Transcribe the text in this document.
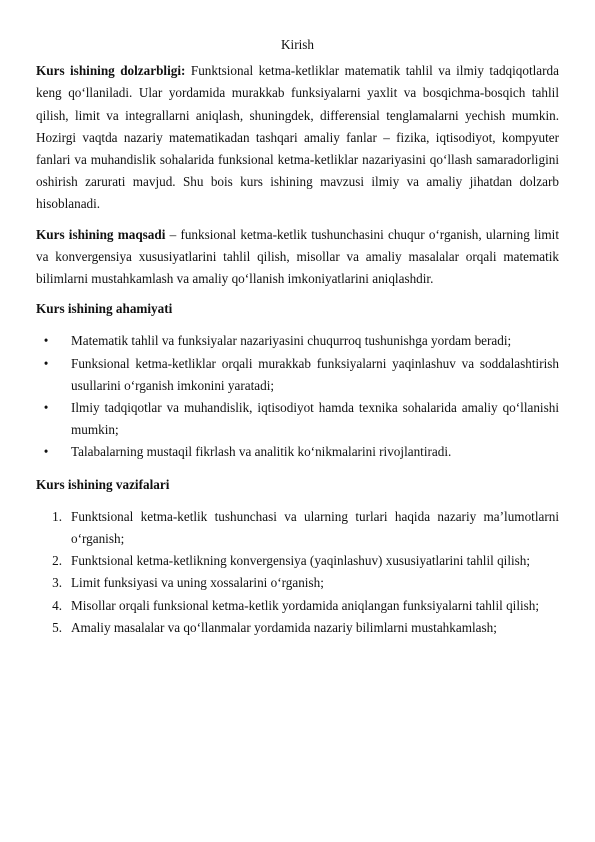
Kirish

Kurs ishining dolzarbligi: Funktsional ketma-ketliklar matematik tahlil va ilmiy tadqiqotlarda keng qo‘llaniladi. Ular yordamida murakkab funksiyalarni yaxlit va bosqichma-bosqich tahlil qilish, limit va integrallarni aniqlash, shuningdek, differensial tenglamalarni yechish mumkin. Hozirgi vaqtda nazariy matematikadan tashqari amaliy fanlar – fizika, iqtisodiyot, kompyuter fanlari va muhandislik sohalarida funksional ketma-ketliklar nazariyasini qo‘llash samaradorligini oshirish zarurati mavjud. Shu bois kurs ishining mavzusi ilmiy va amaliy jihatdan dolzarb hisoblanadi.

Kurs ishining maqsadi – funksional ketma-ketlik tushunchasini chuqur o‘rganish, ularning limit va konvergensiya xususiyatlarini tahlil qilish, misollar va amaliy masalalar orqali matematik bilimlarni mustahkamlash va amaliy qo‘llanish imkoniyatlarini aniqlashdir.

Kurs ishining ahamiyati

•	Matematik tahlil va funksiyalar nazariyasini chuqurroq tushunishga yordam beradi;
•	Funksional ketma-ketliklar orqali murakkab funksiyalarni yaqinlashuv va soddalashtirish usullarini o‘rganish imkonini yaratadi;
•	Ilmiy tadqiqotlar va muhandislik, iqtisodiyot hamda texnika sohalarida amaliy qo‘llanishi mumkin;
•	Talabalarning mustaqil fikrlash va analitik ko‘nikmalarini rivojlantiradi.

Kurs ishining vazifalari

1. Funktsional ketma-ketlik tushunchasi va ularning turlari haqida nazariy ma’lumotlarni o‘rganish;
2. Funktsional ketma-ketlikning konvergensiya (yaqinlashuv) xususiyatlarini tahlil qilish;
3. Limit funksiyasi va uning xossalarini o‘rganish;
4. Misollar orqali funksional ketma-ketlik yordamida aniqlangan funksiyalarni tahlil qilish;
5. Amaliy masalalar va qo‘llanmalar yordamida nazariy bilimlarni mustahkamlash;
